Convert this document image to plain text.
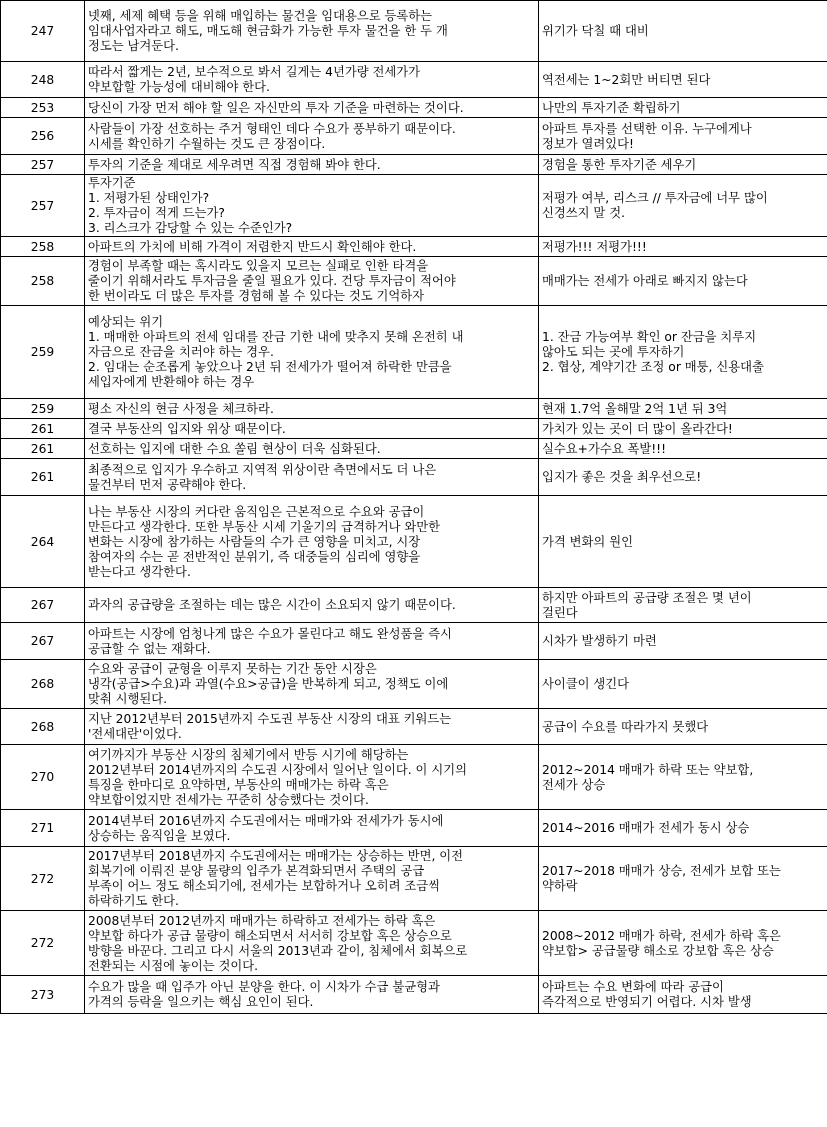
247	넷째, 세제 혜택 등을 위해 매입하는 물건을 임대용으로 등록하는
임대사업자라고 해도, 매도해 현금화가 가능한 투자 물건을 한 두 개
정도는 남겨둔다.	위기가 닥칠 때 대비
248	따라서 짧게는 2년, 보수적으로 봐서 길게는 4년가량 전세가가
약보합할 가능성에 대비해야 한다.	역전세는 1~2회만 버티면 된다
253	당신이 가장 먼저 해야 할 일은 자신만의 투자 기준을 마련하는 것이다.	나만의 투자기준 확립하기
256	사람들이 가장 선호하는 주거 형태인 데다 수요가 풍부하기 때문이다.
시세를 확인하기 수월하는 것도 큰 장점이다.	아파트 투자를 선택한 이유. 누구에게나
정보가 열려있다!
257	투자의 기준을 제대로 세우려면 직접 경험해 봐야 한다.	경험을 통한 투자기준 세우기
257	투자기준
1. 저평가된 상태인가?
2. 투자금이 적게 드는가?
3. 리스크가 감당할 수 있는 수준인가?	저평가 여부, 리스크 // 투자금에 너무 많이
신경쓰지 말 것.
258	아파트의 가치에 비해 가격이 저렴한지 반드시 확인해야 한다.	저평가!!! 저평가!!!
258	경험이 부족할 때는 혹시라도 있을지 모르는 실패로 인한 타격을
줄이기 위해서라도 투자금을 줄일 필요가 있다. 건당 투자금이 적어야
한 번이라도 더 많은 투자를 경험해 볼 수 있다는 것도 기억하자	매매가는 전세가 아래로 빠지지 않는다
259	예상되는 위기
1. 매매한 아파트의 전세 임대를 잔금 기한 내에 맞추지 못해 온전히 내
자금으로 잔금을 치러야 하는 경우.
2. 임대는 순조롭게 놓았으나 2년 뒤 전세가가 떨어져 하락한 만큼을
세입자에게 반환해야 하는 경우	1. 잔금 가능여부 확인 or 잔금을 치루지
않아도 되는 곳에 투자하기
2. 협상, 계약기간 조정 or 매퉁, 신용대출
259	평소 자신의 현금 사정을 체크하라.	현재 1.7억 올해말 2억 1년 뒤 3억
261	결국 부동산의 입지와 위상 때문이다.	가치가 있는 곳이 더 많이 올라간다!
261	선호하는 입지에 대한 수요 쏠림 현상이 더욱 심화된다.	실수요+가수요 폭발!!!
261	최종적으로 입지가 우수하고 지역적 위상이란 측면에서도 더 나은
물건부터 먼저 공략해야 한다.	입지가 좋은 것을 최우선으로!
264	나는 부동산 시장의 커다란 움직임은 근본적으로 수요와 공급이
만든다고 생각한다. 또한 부동산 시세 기울기의 급격하거나 와만한
변화는 시장에 참가하는 사람들의 수가 큰 영향을 미치고, 시장
참여자의 수는 곧 전반적인 분위기, 즉 대중들의 심리에 영향을
받는다고 생각한다.	가격 변화의 원인
267	과자의 공급량을 조절하는 데는 많은 시간이 소요되지 않기 때문이다.	하지만 아파트의 공급량 조절은 몇 년이
걸린다
267	아파트는 시장에 엄청나게 많은 수요가 몰린다고 해도 완성품을 즉시
공급할 수 없는 재화다.	시차가 발생하기 마련
268	수요와 공급이 균형을 이루지 못하는 기간 동안 시장은
냉각(공급>수요)과 과열(수요>공급)을 반복하게 되고, 정책도 이에
맞춰 시행된다.	사이클이 생긴다
268	지난 2012년부터 2015년까지 수도권 부동산 시장의 대표 키워드는
'전세대란'이었다.	공급이 수요를 따라가지 못했다
270	여기까지가 부동산 시장의 침체기에서 반등 시기에 해당하는
2012년부터 2014년까지의 수도권 시장에서 일어난 일이다. 이 시기의
특징을 한마디로 요약하면, 부동산의 매매가는 하락 혹은
약보합이었지만 전세가는 꾸준히 상승했다는 것이다.	2012~2014 매매가 하락 또는 약보합,
전세가 상승
271	2014년부터 2016년까지 수도권에서는 매매가와 전세가가 동시에
상승하는 움직임을 보였다.	2014~2016 매매가 전세가 동시 상승
272	2017년부터 2018년까지 수도권에서는 매매가는 상승하는 반면, 이전
회복기에 이뤄진 분양 물량의 입주가 본격화되면서 주택의 공급
부족이 어느 정도 해소되기에, 전세가는 보합하거나 오히려 조금씩
하락하기도 한다.	2017~2018 매매가 상승, 전세가 보합 또는
약하락
272	2008년부터 2012년까지 매매가는 하락하고 전세가는 하락 혹은
약보합 하다가 공급 물량이 해소되면서 서서히 강보합 혹은 상승으로
방향을 바꾼다. 그리고 다시 서울의 2013년과 같이, 침체에서 회복으로
전환되는 시점에 놓이는 것이다.	2008~2012 매매가 하락, 전세가 하락 혹은
약보합> 공급물량 해소로 강보합 혹은 상승
273	수요가 많을 때 입주가 아닌 분양을 한다. 이 시차가 수급 불균형과
가격의 등락을 일으키는 핵심 요인이 된다.	아파트는 수요 변화에 따라 공급이
즉각적으로 반영되기 어렵다. 시차 발생
